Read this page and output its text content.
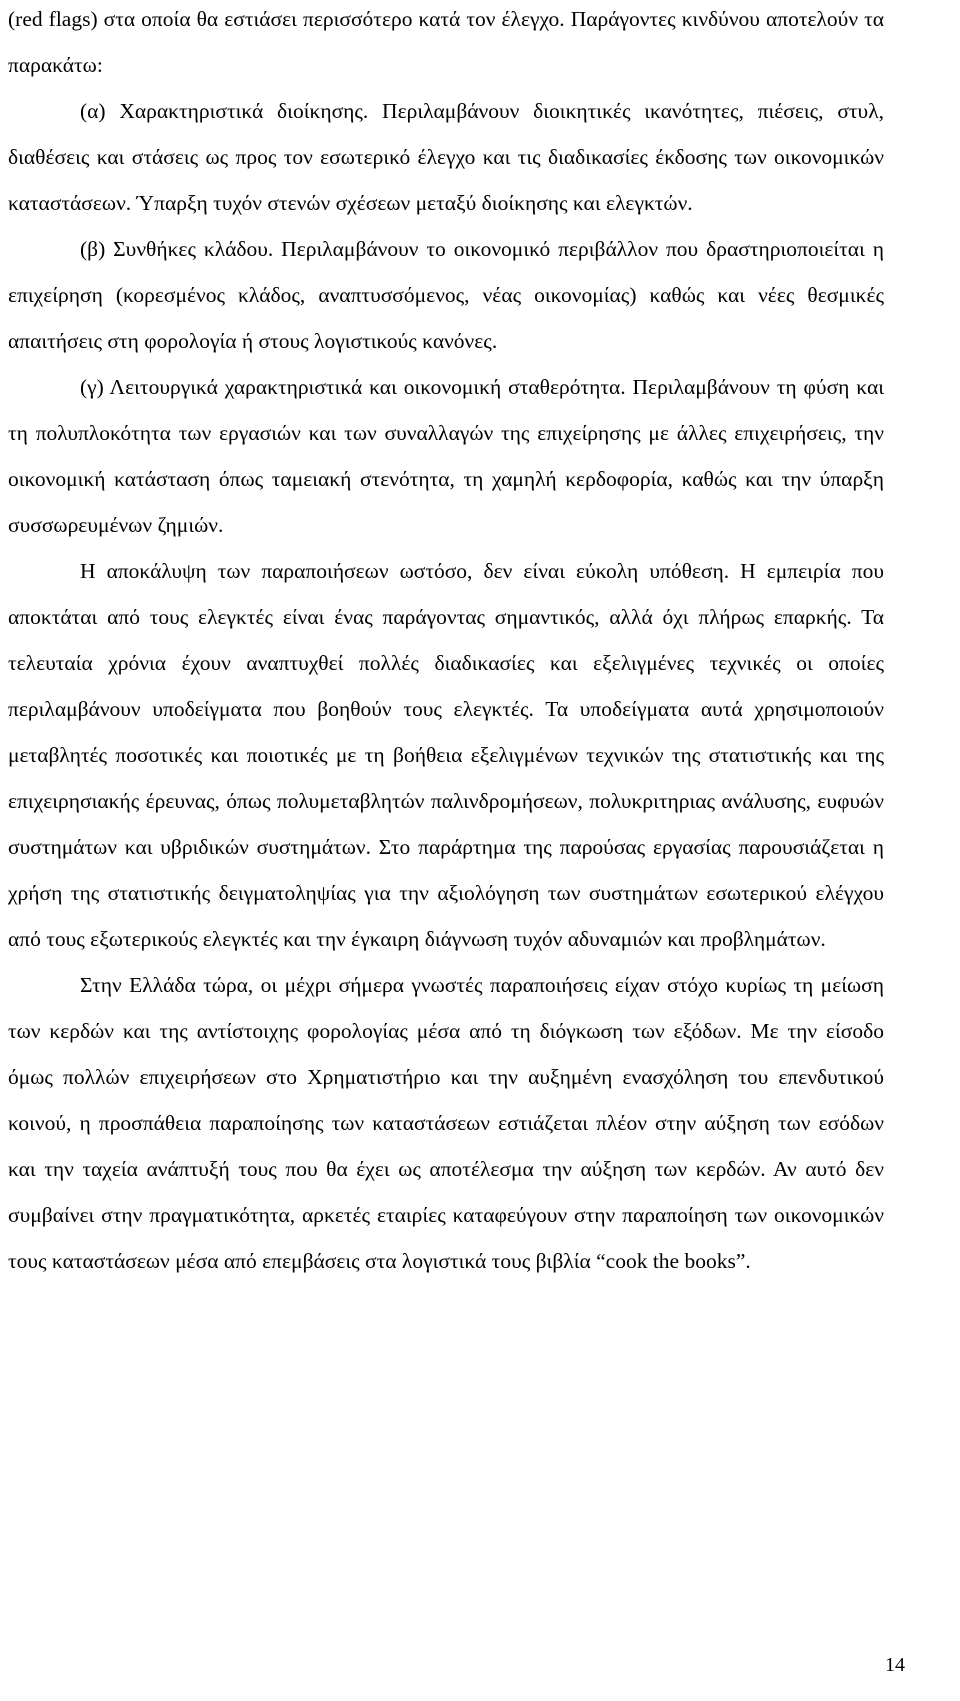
(red flags) στα οποία θα εστιάσει περισσότερο κατά τον έλεγχο. Παράγοντες κινδύνου αποτελούν τα παρακάτω:

(α) Χαρακτηριστικά διοίκησης. Περιλαμβάνουν διοικητικές ικανότητες, πιέσεις, στυλ, διαθέσεις και στάσεις ως προς τον εσωτερικό έλεγχο και τις διαδικασίες έκδοσης των οικονομικών καταστάσεων. Ύπαρξη τυχόν στενών σχέσεων μεταξύ διοίκησης και ελεγκτών.

(β) Συνθήκες κλάδου. Περιλαμβάνουν το οικονομικό περιβάλλον που δραστηριοποιείται η επιχείρηση (κορεσμένος κλάδος, αναπτυσσόμενος, νέας οικονομίας) καθώς και νέες θεσμικές απαιτήσεις στη φορολογία ή στους λογιστικούς κανόνες.

(γ) Λειτουργικά χαρακτηριστικά και οικονομική σταθερότητα. Περιλαμβάνουν τη φύση και τη πολυπλοκότητα των εργασιών και των συναλλαγών της επιχείρησης με άλλες επιχειρήσεις, την οικονομική κατάσταση όπως ταμειακή στενότητα, τη χαμηλή κερδοφορία, καθώς και την ύπαρξη συσσωρευμένων ζημιών.

Η αποκάλυψη των παραποιήσεων ωστόσο, δεν είναι εύκολη υπόθεση. Η εμπειρία που αποκτάται από τους ελεγκτές είναι ένας παράγοντας σημαντικός, αλλά όχι πλήρως επαρκής. Τα τελευταία χρόνια έχουν αναπτυχθεί πολλές διαδικασίες και εξελιγμένες τεχνικές οι οποίες περιλαμβάνουν υποδείγματα που βοηθούν τους ελεγκτές. Τα υποδείγματα αυτά χρησιμοποιούν μεταβλητές ποσοτικές και ποιοτικές με τη βοήθεια εξελιγμένων τεχνικών της στατιστικής και της επιχειρησιακής έρευνας, όπως πολυμεταβλητών παλινδρομήσεων, πολυκριτηριας ανάλυσης, ευφυών συστημάτων και υβριδικών συστημάτων. Στο παράρτημα της παρούσας εργασίας παρουσιάζεται η χρήση της στατιστικής δειγματοληψίας για την αξιολόγηση των συστημάτων εσωτερικού ελέγχου από τους εξωτερικούς ελεγκτές και την έγκαιρη διάγνωση τυχόν αδυναμιών και προβλημάτων.

Στην Ελλάδα τώρα, οι μέχρι σήμερα γνωστές παραποιήσεις είχαν στόχο κυρίως τη μείωση των κερδών και της αντίστοιχης φορολογίας μέσα από τη διόγκωση των εξόδων. Με την είσοδο όμως πολλών επιχειρήσεων στο Χρηματιστήριο και την αυξημένη ενασχόληση του επενδυτικού κοινού, η προσπάθεια παραποίησης των καταστάσεων εστιάζεται πλέον στην αύξηση των εσόδων και την ταχεία ανάπτυξή τους που θα έχει ως αποτέλεσμα την αύξηση των κερδών. Αν αυτό δεν συμβαίνει στην πραγματικότητα, αρκετές εταιρίες καταφεύγουν στην παραποίηση των οικονομικών τους καταστάσεων μέσα από επεμβάσεις στα λογιστικά τους βιβλία “cook the books”.

14
